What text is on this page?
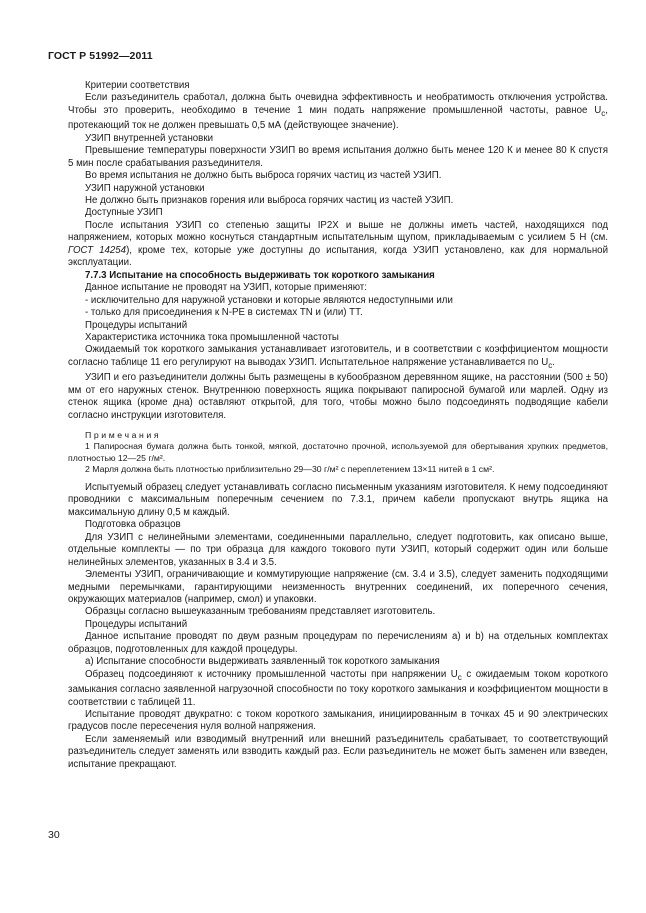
ГОСТ Р 51992—2011

Критерии соответствия

Если разъединитель сработал, должна быть очевидна эффективность и необратимость отключения устройства. Чтобы это проверить, необходимо в течение 1 мин подать напряжение промышленной частоты, равное $U_c$, протекающий ток не должен превышать 0,5 мА (действующее значение).

УЗИП внутренней установки

Превышение температуры поверхности УЗИП во время испытания должно быть менее 120 К и менее 80 К спустя 5 мин после срабатывания разъединителя.

Во время испытания не должно быть выброса горячих частиц из частей УЗИП.

УЗИП наружной установки

Не должно быть признаков горения или выброса горячих частиц из частей УЗИП.

Доступные УЗИП

После испытания УЗИП со степенью защиты IP2X и выше не должны иметь частей, находящихся под напряжением, которых можно коснуться стандартным испытательным щупом, прикладываемым с усилием 5 Н (см. ГОСТ 14254), кроме тех, которые уже доступны до испытания, когда УЗИП установлено, как для нормальной эксплуатации.

7.7.3 Испытание на способность выдерживать ток короткого замыкания

Данное испытание не проводят на УЗИП, которые применяют:

- исключительно для наружной установки и которые являются недоступными или

- только для присоединения к N-PE в системах TN и (или) TT.

Процедуры испытаний

Характеристика источника тока промышленной частоты

Ожидаемый ток короткого замыкания устанавливает изготовитель, и в соответствии с коэффициентом мощности согласно таблице 11 его регулируют на выводах УЗИП. Испытательное напряжение устанавливается по $U_c$.

УЗИП и его разъединители должны быть размещены в кубообразном деревянном ящике, на расстоянии (500 ± 50) мм от его наружных стенок. Внутреннюю поверхность ящика покрывают папиросной бумагой или марлей. Одну из стенок ящика (кроме дна) оставляют открытой, для того, чтобы можно было подсоединять подводящие кабели согласно инструкции изготовителя.

Примечания

1 Папиросная бумага должна быть тонкой, мягкой, достаточно прочной, используемой для обертывания хрупких предметов, плотностью 12—25 г/м².

2 Марля должна быть плотностью приблизительно 29—30 г/м² с переплетением 13×11 нитей в 1 см².

Испытуемый образец следует устанавливать согласно письменным указаниям изготовителя. К нему подсоединяют проводники с максимальным поперечным сечением по 7.3.1, причем кабели пропускают внутрь ящика на максимальную длину 0,5 м каждый.

Подготовка образцов

Для УЗИП с нелинейными элементами, соединенными параллельно, следует подготовить, как описано выше, отдельные комплекты — по три образца для каждого токового пути УЗИП, который содержит один или больше нелинейных элементов, указанных в 3.4 и 3.5.

Элементы УЗИП, ограничивающие и коммутирующие напряжение (см. 3.4 и 3.5), следует заменить подходящими медными перемычками, гарантирующими неизменность внутренних соединений, их поперечного сечения, окружающих материалов (например, смол) и упаковки.

Образцы согласно вышеуказанным требованиям представляет изготовитель.

Процедуры испытаний

Данное испытание проводят по двум разным процедурам по перечислениям a) и b) на отдельных комплектах образцов, подготовленных для каждой процедуры.

a) Испытание способности выдерживать заявленный ток короткого замыкания

Образец подсоединяют к источнику промышленной частоты при напряжении $U_c$ с ожидаемым током короткого замыкания согласно заявленной нагрузочной способности по току короткого замыкания и коэффициентом мощности в соответствии с таблицей 11.

Испытание проводят двукратно: с током короткого замыкания, инициированным в точках 45 и 90 электрических градусов после пересечения нуля волной напряжения.

Если заменяемый или взводимый внутренний или внешний разъединитель срабатывает, то соответствующий разъединитель следует заменять или взводить каждый раз. Если разъединитель не может быть заменен или взведен, испытание прекращают.

30
